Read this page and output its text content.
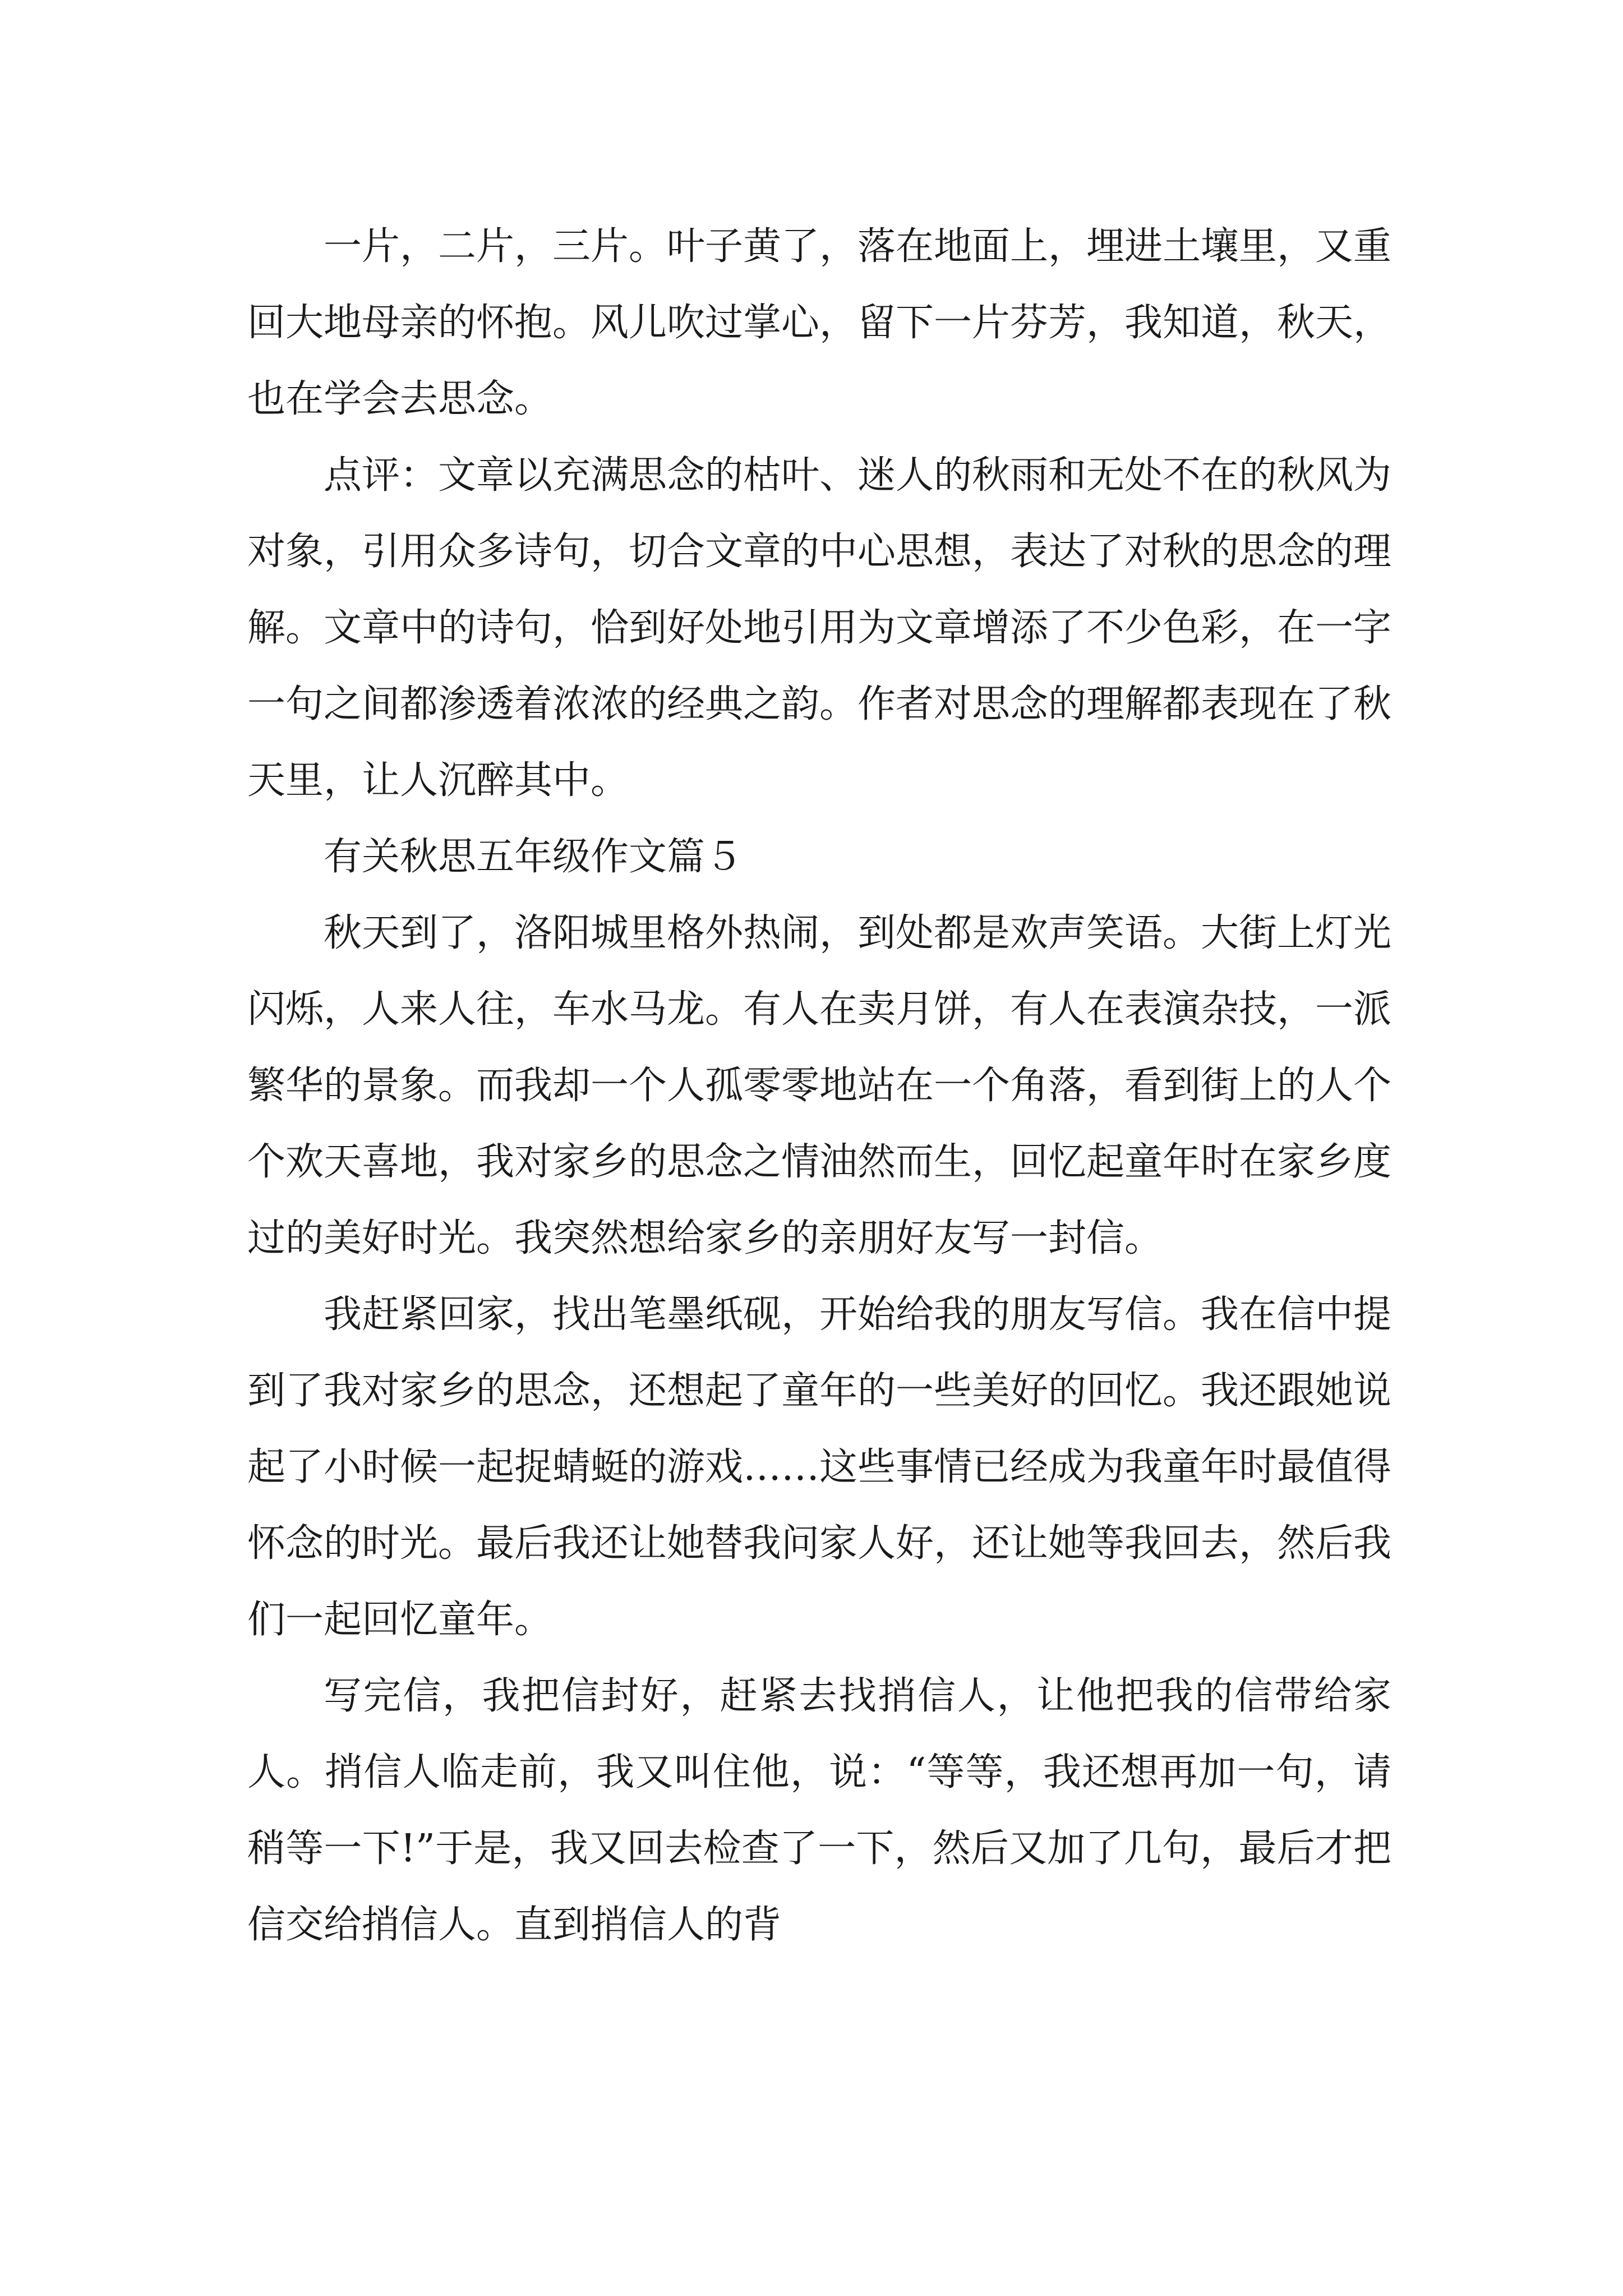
一片，二片，三片。叶子黄了，落在地面上，埋进土壤里，又重回大地母亲的怀抱。风儿吹过掌心，留下一片芬芳，我知道，秋天，也在学会去思念。

点评：文章以充满思念的枯叶、迷人的秋雨和无处不在的秋风为对象，引用众多诗句，切合文章的中心思想，表达了对秋的思念的理解。文章中的诗句，恰到好处地引用为文章增添了不少色彩，在一字一句之间都渗透着浓浓的经典之韵。作者对思念的理解都表现在了秋天里，让人沉醉其中。

有关秋思五年级作文篇５

秋天到了，洛阳城里格外热闹，到处都是欢声笑语。大街上灯光闪烁，人来人往，车水马龙。有人在卖月饼，有人在表演杂技，一派繁华的景象。而我却一个人孤零零地站在一个角落，看到街上的人个个欢天喜地，我对家乡的思念之情油然而生，回忆起童年时在家乡度过的美好时光。我突然想给家乡的亲朋好友写一封信。

我赶紧回家，找出笔墨纸砚，开始给我的朋友写信。我在信中提到了我对家乡的思念，还想起了童年的一些美好的回忆。我还跟她说起了小时候一起捉蜻蜓的游戏……这些事情已经成为我童年时最值得怀念的时光。最后我还让她替我问家人好，还让她等我回去，然后我们一起回忆童年。

写完信，我把信封好，赶紧去找捎信人，让他把我的信带给家人。捎信人临走前，我又叫住他，说：“等等，我还想再加一句，请稍等一下!”于是，我又回去检查了一下，然后又加了几句，最后才把信交给捎信人。直到捎信人的背
